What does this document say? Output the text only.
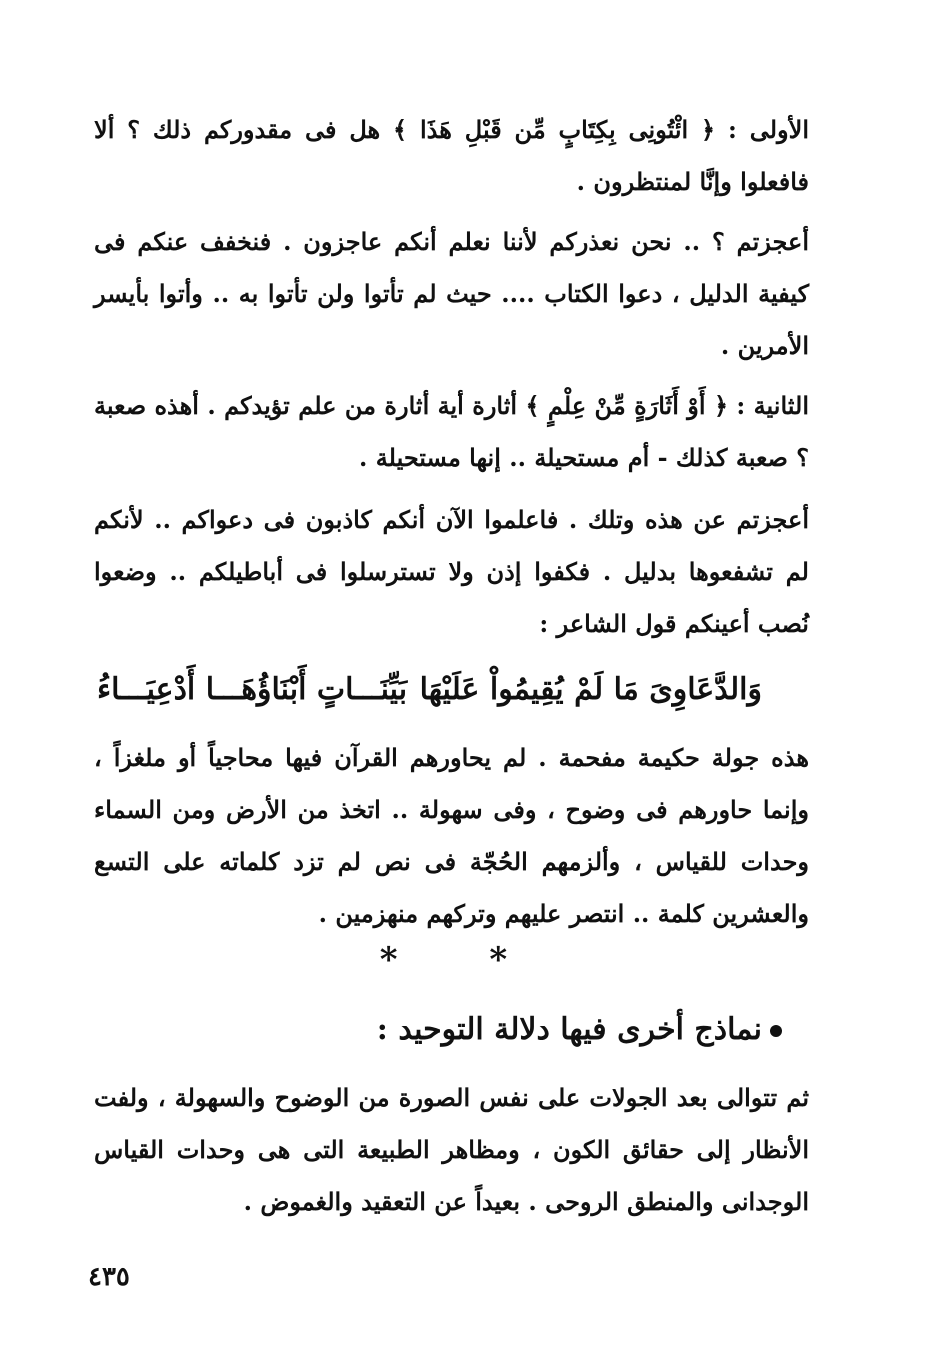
الأولى : ﴿ ائْتُونِى بِكِتَابٍ مِّن قَبْلِ هَذَا ﴾ هل فى مقدوركم ذلك ؟ ألا فافعلوا وإنَّا لمنتظرون .
أعجزتم ؟ .. نحن نعذركم لأننا نعلم أنكم عاجزون . فنخفف عنكم فى كيفية الدليل ، دعوا الكتاب .... حيث لم تأتوا ولن تأتوا به .. وأتوا بأيسر الأمرين .
الثانية : ﴿ أَوْ أَثَارَةٍ مِّنْ عِلْمٍ ﴾ أثارة أية أثارة من علم تؤيدكم . أهذه صعبة ؟ صعبة كذلك - أم مستحيلة .. إنها مستحيلة .
أعجزتم عن هذه وتلك . فاعلموا الآن أنكم كاذبون فى دعواكم .. لأنكم لم تشفعوها بدليل . فكفوا إذن ولا تسترسلوا فى أباطيلكم .. وضعوا نُصب أعينكم قول الشاعر :
وَالدَّعَاوِىَ مَا لَمْ يُقِيمُواْ عَلَيْهَا
بَيِّنَـــاتٍ أَبْنَاؤُهَـــا أَدْعِيَـــاءُ
هذه جولة حكيمة مفحمة . لم يحاورهم القرآن فيها محاجياً أو ملغزاً ، وإنما حاورهم فى وضوح ، وفى سهولة .. اتخذ من الأرض ومن السماء وحدات للقياس ، وألزمهم الحُجّة فى نص لم تزد كلماته على التسع والعشرين كلمة .. انتصر عليهم وتركهم منهزمين .
* *
نماذج أخرى فيها دلالة التوحيد :
ثم تتوالى بعد الجولات على نفس الصورة من الوضوح والسهولة ، ولفت الأنظار إلى حقائق الكون ، ومظاهر الطبيعة التى هى وحدات القياس الوجدانى والمنطق الروحى . بعيداً عن التعقيد والغموض .
٤٣٥
